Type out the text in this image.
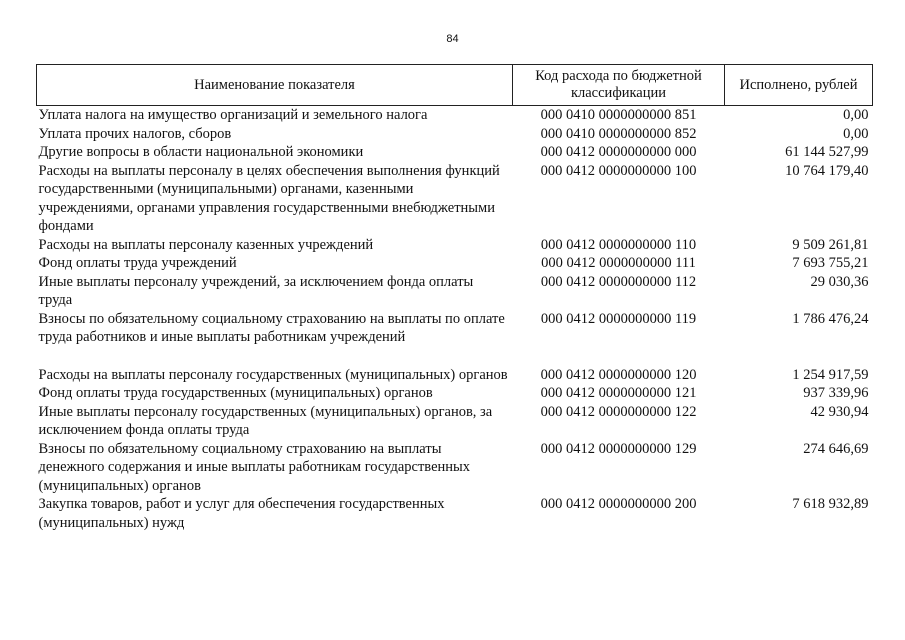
84
Наименование показателя	Код расхода по бюджетной классификации	Исполнено, рублей
Уплата налога на имущество организаций и земельного налога	000 0410 0000000000 851	0,00
Уплата прочих налогов, сборов	000 0410 0000000000 852	0,00
Другие вопросы в области национальной экономики	000 0412 0000000000 000	61 144 527,99
Расходы на выплаты персоналу в целях обеспечения выполнения функций государственными (муниципальными) органами, казенными учреждениями, органами управления государственными внебюджетными фондами	000 0412 0000000000 100	10 764 179,40
Расходы на выплаты персоналу казенных учреждений	000 0412 0000000000 110	9 509 261,81
Фонд оплаты труда учреждений	000 0412 0000000000 111	7 693 755,21
Иные выплаты персоналу учреждений, за исключением фонда оплаты труда	000 0412 0000000000 112	29 030,36
Взносы по обязательному социальному страхованию на выплаты по оплате труда работников и иные выплаты работникам учреждений	000 0412 0000000000 119	1 786 476,24
Расходы на выплаты персоналу государственных (муниципальных) органов	000 0412 0000000000 120	1 254 917,59
Фонд оплаты труда государственных (муниципальных) органов	000 0412 0000000000 121	937 339,96
Иные выплаты персоналу государственных (муниципальных) органов, за исключением фонда оплаты труда	000 0412 0000000000 122	42 930,94
Взносы по обязательному социальному страхованию на выплаты денежного содержания и иные выплаты работникам государственных (муниципальных) органов	000 0412 0000000000 129	274 646,69
Закупка товаров, работ и услуг для обеспечения государственных (муниципальных) нужд	000 0412 0000000000 200	7 618 932,89
